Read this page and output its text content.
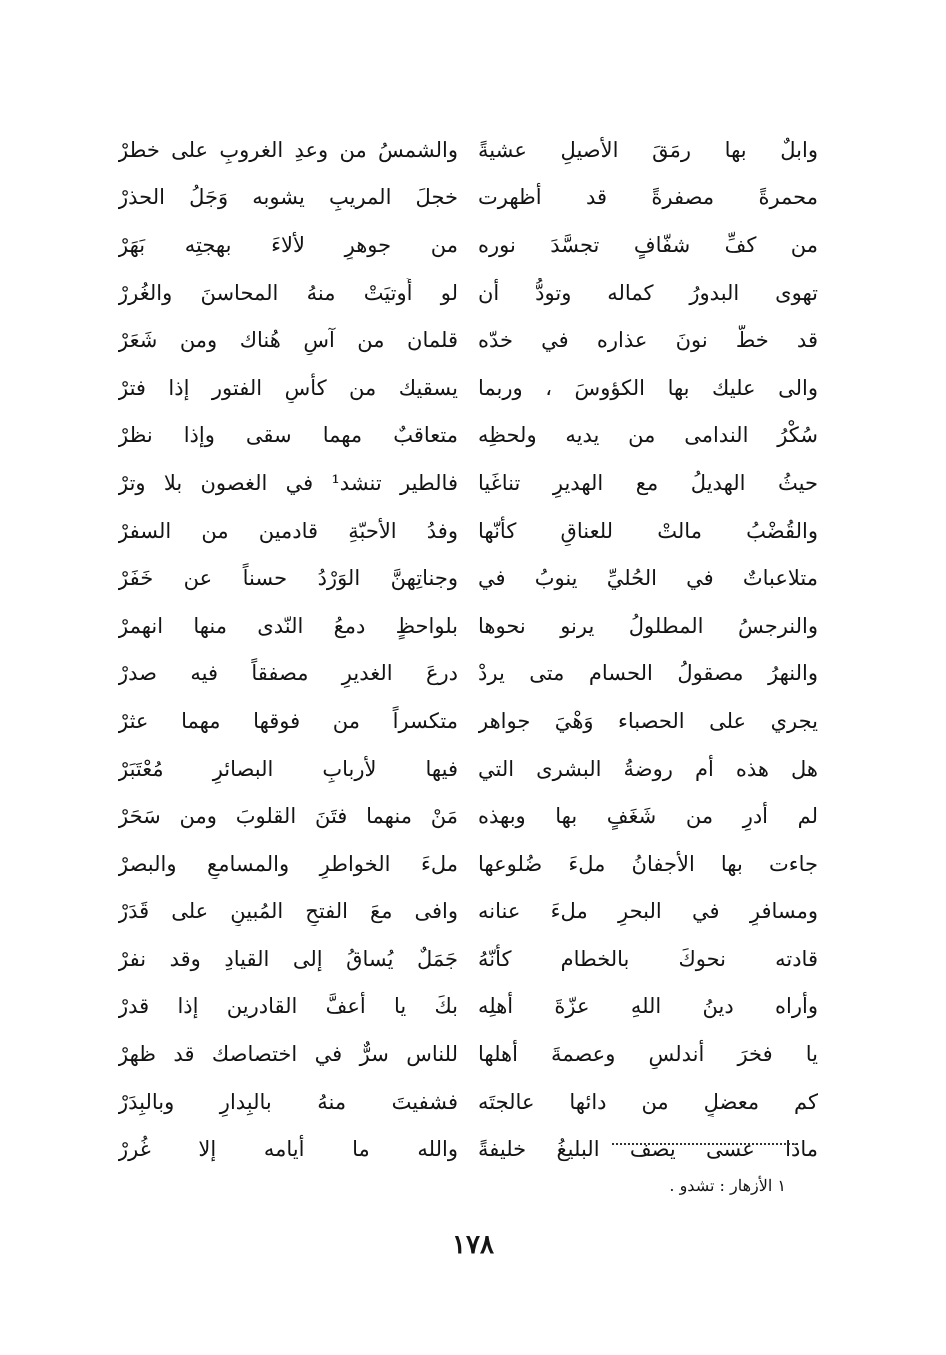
وابلٌ بها رمَقَ الأصيلِ عشيةً
والشمسُ من وعدِ الغروبِ على خطرْ
محمرةً مصفرةً قد أظهرت
خجلَ المريبِ يشوبه وَجَلُ الحذرْ
من كفِّ شفّافٍ تجسَّدَ نوره
من جوهرٍ لألاءَ بهجتِه بَهَرْ
تهوى البدورُ كماله وتودُّ أن
لو أُوتيَتْ منهُ المحاسنَ والغُررْ
قد خطَّ نونَ عذاره في خدّه
قلمان من آسٍ هُناك ومن شَعَرْ
والى عليك بها الكؤوسَ ، وربما
يسقيك من كأسِ الفتور إذا فترْ
سُكْرُ الندامى من يديه ولحظِه
متعاقبٌ مهما سقى وإذا نظرْ
حيثُ الهديلُ مع الهديرِ تناغَيا
فالطير تنشد¹ في الغصون بلا وترْ
والقُضْبُ مالتْ للعناقِ كأنّها
وفدُ الأحبّةِ قادمين من السفرْ
متلاعباتٌ في الحُليِّ ينوبُ في
وجناتِهنَّ الوَرْدُ حسناً عن خَفَرْ
والنرجسُ المطلولُ يرنو نحوها
بلواحظٍ دمعُ النّدى منها انهمرْ
والنهرُ مصقولُ الحسام متى يردْ
درعَ الغديرِ مصفقاً فيه صدرْ
يجري على الحصباء وَهْيَ جواهر
متكسراً من فوقها مهما عثرْ
هل هذه أم روضةُ البشرى التي
فيها لأربابِ البصائرِ مُعْتَبَرْ
لم أدرِ من شَغَفٍ بها وبهذه
مَنْ منهما فتَنَ القلوبَ ومن سَحَرْ
جاءت بها الأجفانُ ملءَ ضُلوعها
ملءَ الخواطرِ والمسامعِ والبصرْ
ومسافرٍ في البحرِ ملءَ عنانه
وافى معَ الفتحِ المُبينِ على قَدَرْ
قادته نحوكَ بالخطام كأنّهُ
جَمَلٌ يُساقُ إلى القيادِ وقد نفرْ
وأراه دينُ اللهِ عزّةَ أهلِه
بكَ يا أعفَّ القادرين إذا قدرْ
يا فخرَ أندلسٍ وعصمةَ أهلها
للناس سرٌّ في اختصاصك قد ظهرْ
كم معضلٍ من دائها عالجتَه
فشفيتَ منهُ بالبِدارِ وبالبِدَرْ
ماذا عسى يصف البليغُ خليفةً
والله ما أيامه إلا غُررْ
١ الأزهار : تشدو .
١٧٨
